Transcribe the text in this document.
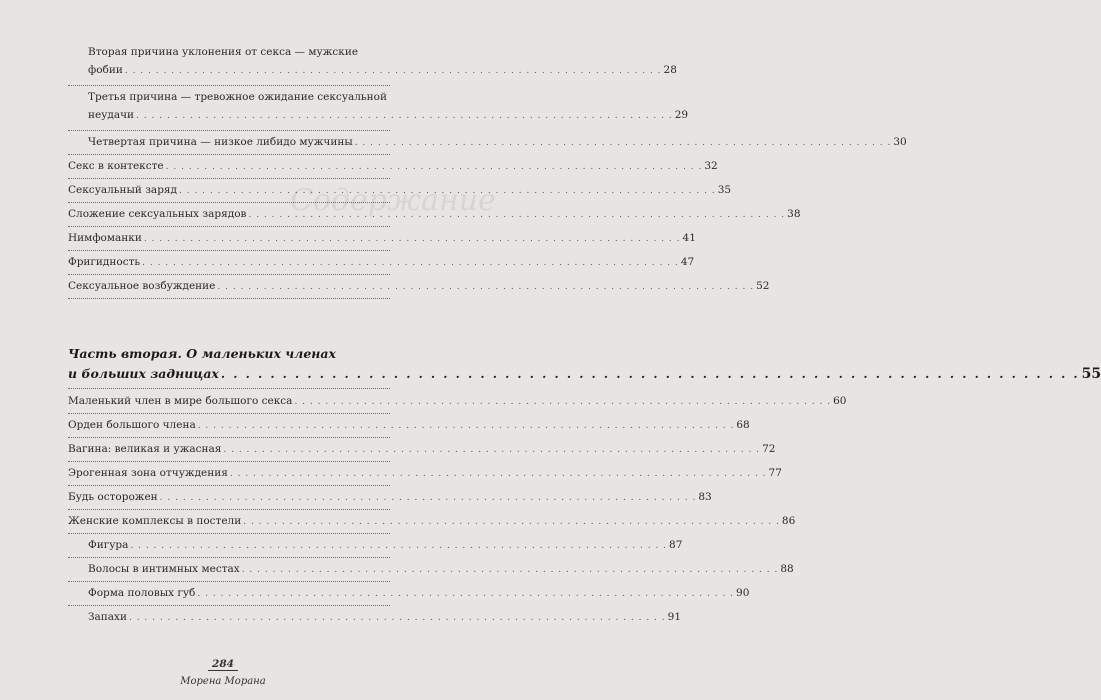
Содержание
Вторая причина уклонения от секса — мужские
фобии . . .	28
Третья причина — тревожное ожидание сексуальной
неудачи . . .	29
Четвертая причина — низкое либидо мужчины . . .	30
Секс в контексте . . .	32
Сексуальный заряд . . .	35
Сложение сексуальных зарядов . . .	38
Нимфоманки . . .	41
Фригидность . . .	47
Сексуальное возбуждение . . .	52
Часть вторая. О маленьких членах
и больших задницах . . .	55
Маленький член в мире большого секса . . .	60
Орден большого члена . . .	68
Вагина: великая и ужасная . . .	72
Эрогенная зона отчуждения . . .	77
Будь осторожен . . .	83
Женские комплексы в постели . . .	86
Фигура . . .	87
Волосы в интимных местах . . .	88
Форма половых губ . . .	90
Запахи . . .	91
284
Морена Морана
